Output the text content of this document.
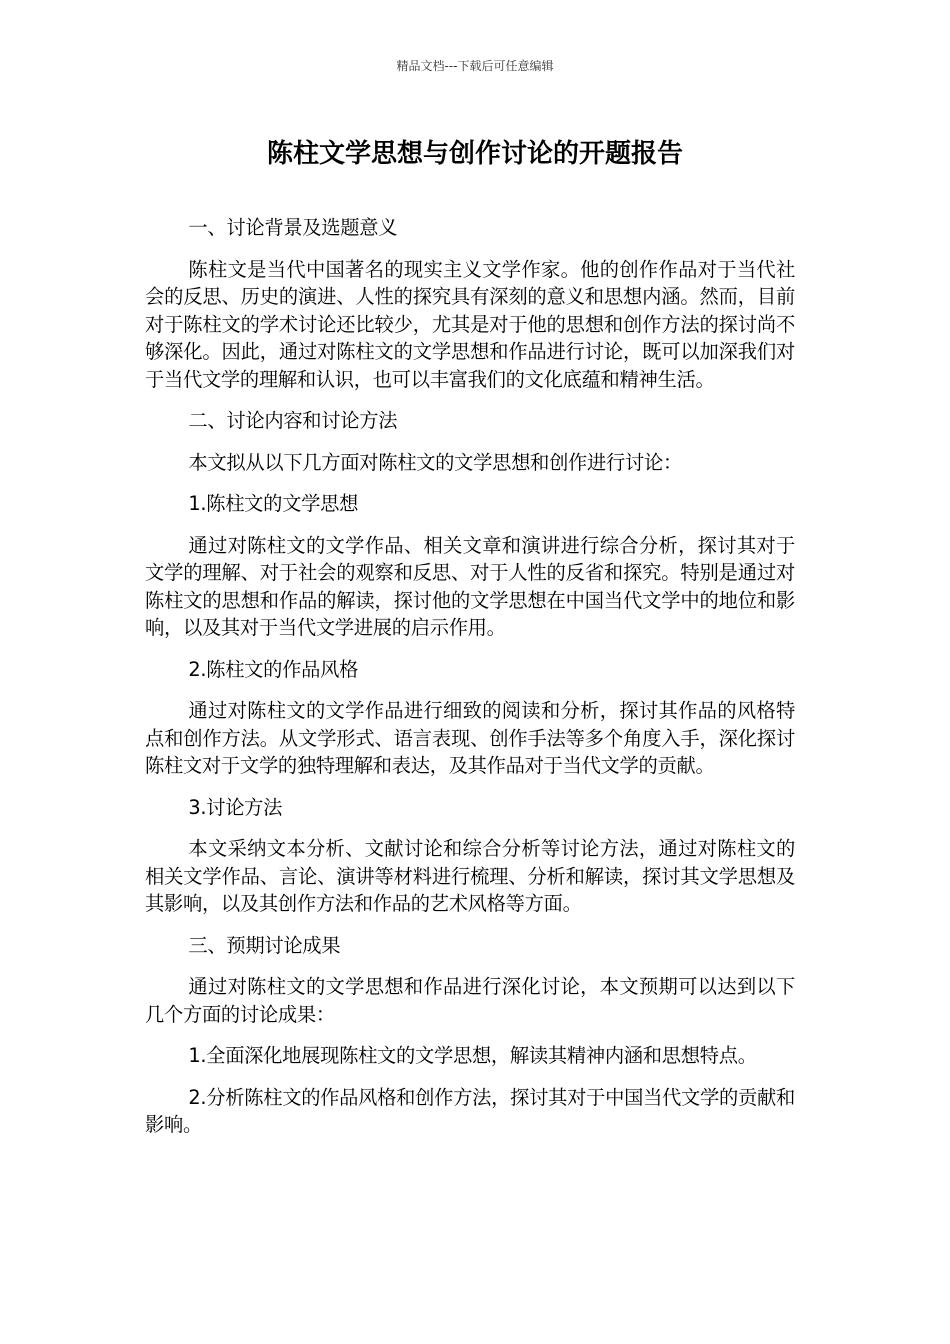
精品文档---下载后可任意编辑
陈柱文学思想与创作讨论的开题报告

一、讨论背景及选题意义

陈柱文是当代中国著名的现实主义文学作家。他的创作作品对于当代社会的反思、历史的演进、人性的探究具有深刻的意义和思想内涵。然而，目前对于陈柱文的学术讨论还比较少，尤其是对于他的思想和创作方法的探讨尚不够深化。因此，通过对陈柱文的文学思想和作品进行讨论，既可以加深我们对于当代文学的理解和认识，也可以丰富我们的文化底蕴和精神生活。

二、讨论内容和讨论方法

本文拟从以下几方面对陈柱文的文学思想和创作进行讨论：

1.陈柱文的文学思想

通过对陈柱文的文学作品、相关文章和演讲进行综合分析，探讨其对于文学的理解、对于社会的观察和反思、对于人性的反省和探究。特别是通过对陈柱文的思想和作品的解读，探讨他的文学思想在中国当代文学中的地位和影响，以及其对于当代文学进展的启示作用。

2.陈柱文的作品风格

通过对陈柱文的文学作品进行细致的阅读和分析，探讨其作品的风格特点和创作方法。从文学形式、语言表现、创作手法等多个角度入手，深化探讨陈柱文对于文学的独特理解和表达，及其作品对于当代文学的贡献。

3.讨论方法

本文采纳文本分析、文献讨论和综合分析等讨论方法，通过对陈柱文的相关文学作品、言论、演讲等材料进行梳理、分析和解读，探讨其文学思想及其影响，以及其创作方法和作品的艺术风格等方面。

三、预期讨论成果

通过对陈柱文的文学思想和作品进行深化讨论，本文预期可以达到以下几个方面的讨论成果：

1.全面深化地展现陈柱文的文学思想，解读其精神内涵和思想特点。

2.分析陈柱文的作品风格和创作方法，探讨其对于中国当代文学的贡献和影响。
